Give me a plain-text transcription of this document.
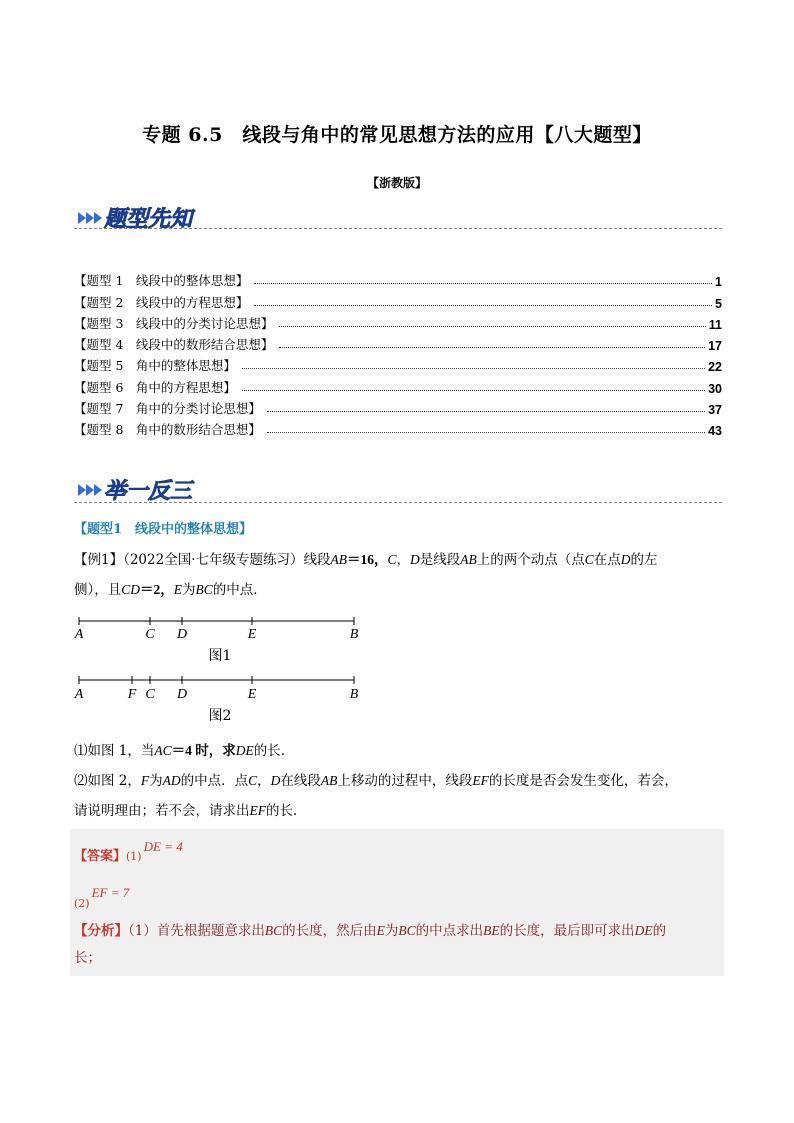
专题 6.5　线段与角中的常见思想方法的应用【八大题型】
【浙教版】
题型先知
【题型 1　线段中的整体思想】	1
【题型 2　线段中的方程思想】	5
【题型 3　线段中的分类讨论思想】	11
【题型 4　线段中的数形结合思想】	17
【题型 5　角中的整体思想】	22
【题型 6　角中的方程思想】	30
【题型 7　角中的分类讨论思想】	37
【题型 8　角中的数形结合思想】	43
举一反三
【题型1　线段中的整体思想】
【例1】（2022全国·七年级专题练习）线段AB＝16，C，D是线段AB上的两个动点（点C在点D的左
侧），且CD＝2，E为BC的中点．
A	C D	E	B
图1
A	F C D	E	B
图2
⑴如图 1，当AC＝4 时，求DE的长．
⑵如图 2，F为AD的中点．点C，D在线段AB上移动的过程中，线段EF的长度是否会发生变化，若会，
请说明理由；若不会，请求出EF的长．
【答案】(1)DE = 4
$_{(2)}$EF = 7
【分析】（1）首先根据题意求出BC的长度，然后由E为BC的中点求出BE的长度，最后即可求出DE的
长；
